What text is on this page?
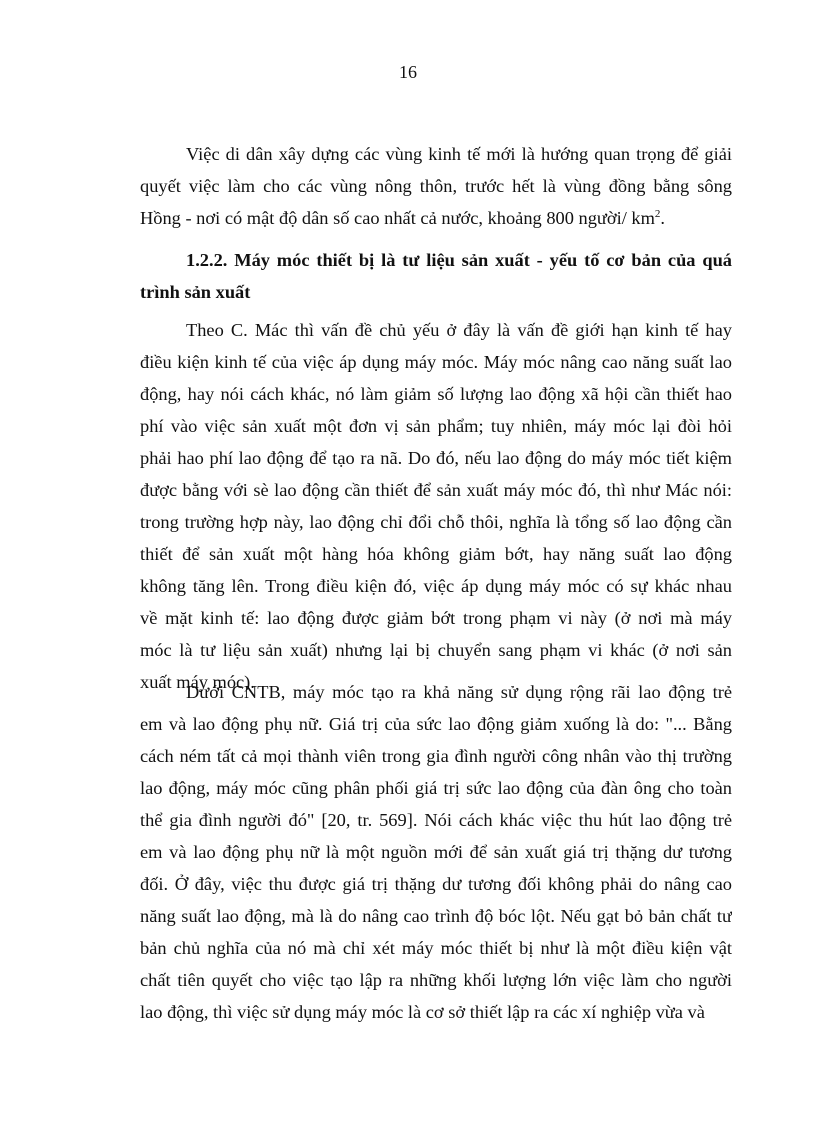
16
Việc di dân xây dựng các vùng kinh tế mới là hướng quan trọng để giải
quyết việc làm cho các vùng nông thôn, trước hết là vùng đồng bằng sông
Hồng - nơi có mật độ dân số cao nhất cả nước, khoảng 800 người/ $km^2$.
1.2.2. Máy móc thiết bị là tư liệu sản xuất - yếu tố cơ bản của quá
trình sản xuất
Theo C. Mác thì vấn đề chủ yếu ở đây là vấn đề giới hạn kinh tế hay
điều kiện kinh tế của việc áp dụng máy móc. Máy móc nâng cao năng suất lao
động, hay nói cách khác, nó làm giảm số lượng lao động xã hội cần thiết hao
phí vào việc sản xuất một đơn vị sản phẩm; tuy nhiên, máy móc lại đòi hỏi
phải hao phí lao động để tạo ra nã. Do đó, nếu lao động do máy móc tiết kiệm
được bằng với sè lao động cần thiết để sản xuất máy móc đó, thì như Mác nói:
trong trường hợp này, lao động chỉ đổi chỗ thôi, nghĩa là tổng số lao động cần
thiết để sản xuất một hàng hóa không giảm bớt, hay năng suất lao động
không tăng lên. Trong điều kiện đó, việc áp dụng máy móc có sự khác nhau
về mặt kinh tế: lao động được giảm bớt trong phạm vi này (ở nơi mà máy
móc là tư liệu sản xuất) nhưng lại bị chuyển sang phạm vi khác (ở nơi sản
xuất máy móc).
Dưới CNTB, máy móc tạo ra khả năng sử dụng rộng rãi lao động trẻ
em và lao động phụ nữ. Giá trị của sức lao động giảm xuống là do: "... Bằng
cách ném tất cả mọi thành viên trong gia đình người công nhân vào thị trường
lao động, máy móc cũng phân phối giá trị sức lao động của đàn ông cho toàn
thể gia đình người đó" [20, tr. 569]. Nói cách khác việc thu hút lao động trẻ
em và lao động phụ nữ là một nguồn mới để sản xuất giá trị thặng dư tương
đối. Ở đây, việc thu được giá trị thặng dư tương đối không phải do nâng cao
năng suất lao động, mà là do nâng cao trình độ bóc lột. Nếu gạt bỏ bản chất tư
bản chủ nghĩa của nó mà chỉ xét máy móc thiết bị như là một điều kiện vật
chất tiên quyết cho việc tạo lập ra những khối lượng lớn việc làm cho người
lao động, thì việc sử dụng máy móc là cơ sở thiết lập ra các xí nghiệp vừa và
